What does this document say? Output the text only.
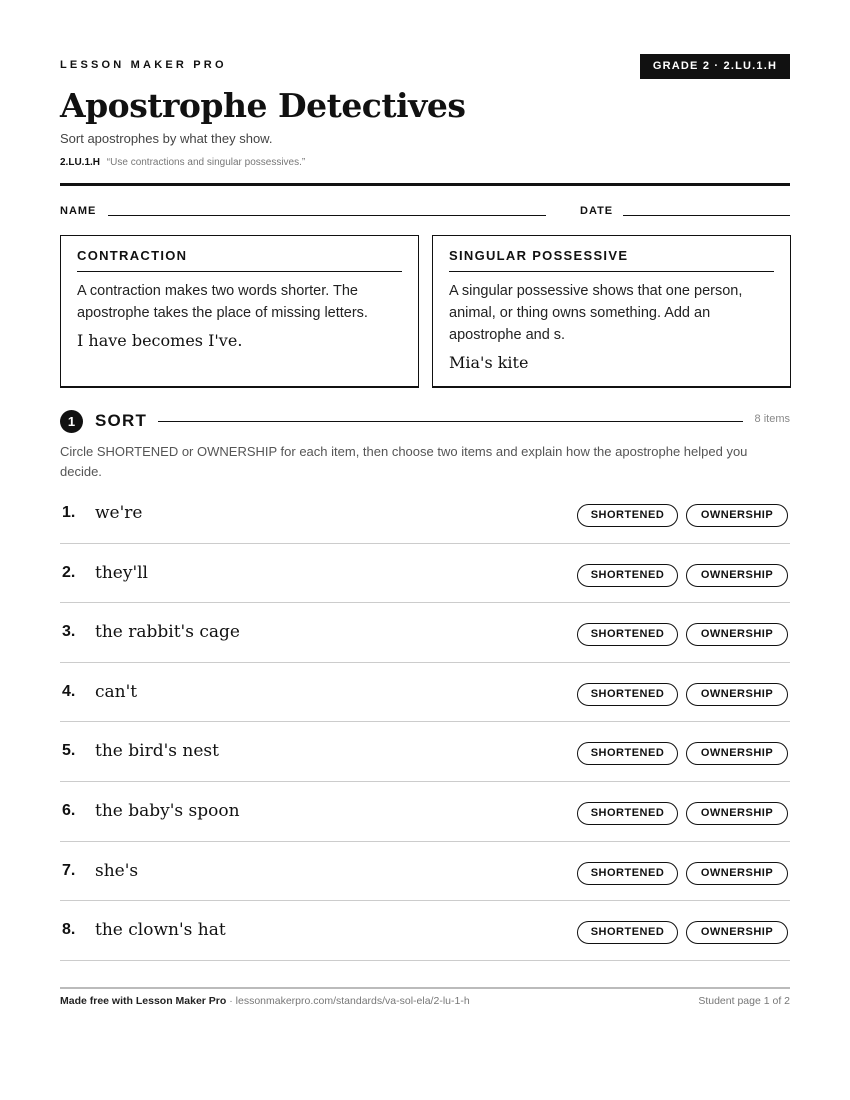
LESSON MAKER PRO	GRADE 2 · 2.LU.1.H
Apostrophe Detectives
Sort apostrophes by what they show.
2.LU.1.H “Use contractions and singular possessives.”
NAME	DATE
CONTRACTION
A contraction makes two words shorter. The apostrophe takes the place of missing letters.
I have becomes I've.
SINGULAR POSSESSIVE
A singular possessive shows that one person, animal, or thing owns something. Add an apostrophe and s.
Mia's kite
1	SORT	8 items
Circle SHORTENED or OWNERSHIP for each item, then choose two items and explain how the apostrophe helped you decide.
1. we're	SHORTENED	OWNERSHIP
2. they'll	SHORTENED	OWNERSHIP
3. the rabbit's cage	SHORTENED	OWNERSHIP
4. can't	SHORTENED	OWNERSHIP
5. the bird's nest	SHORTENED	OWNERSHIP
6. the baby's spoon	SHORTENED	OWNERSHIP
7. she's	SHORTENED	OWNERSHIP
8. the clown's hat	SHORTENED	OWNERSHIP
Made free with Lesson Maker Pro · lessonmakerpro.com/standards/va-sol-ela/2-lu-1-h	Student page 1 of 2
